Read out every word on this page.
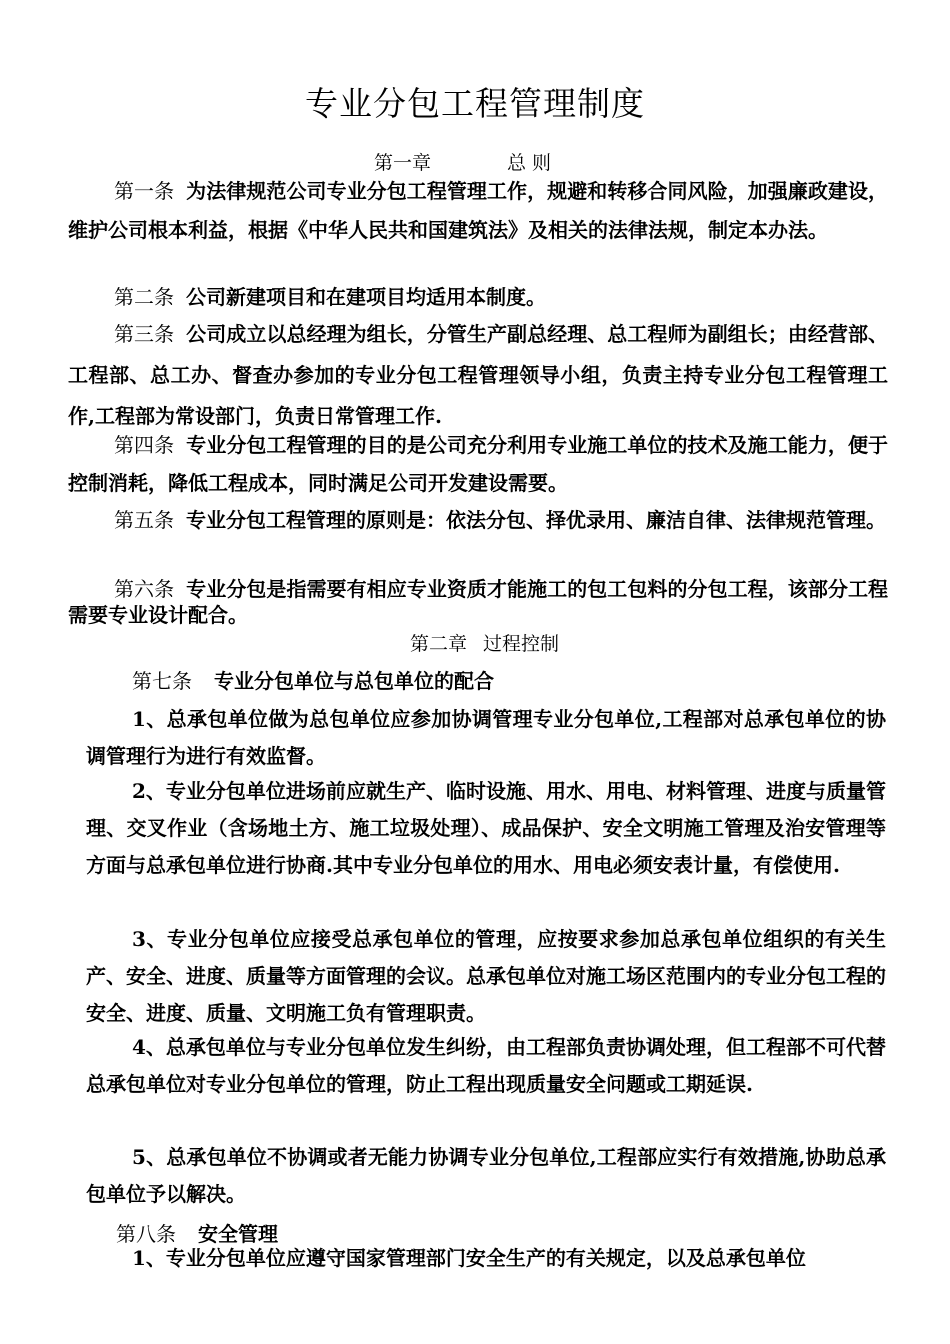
专业分包工程管理制度
第一章	总 则
第一条 为法律规范公司专业分包工程管理工作，规避和转移合同风险，加强廉政建设，维护公司根本利益，根据《中华人民共和国建筑法》及相关的法律法规，制定本办法。
第二条 公司新建项目和在建项目均适用本制度。
第三条 公司成立以总经理为组长，分管生产副总经理、总工程师为副组长；由经营部、工程部、总工办、督查办参加的专业分包工程管理领导小组，负责主持专业分包工程管理工作,工程部为常设部门，负责日常管理工作.
第四条 专业分包工程管理的目的是公司充分利用专业施工单位的技术及施工能力，便于控制消耗，降低工程成本，同时满足公司开发建设需要。
第五条 专业分包工程管理的原则是：依法分包、择优录用、廉洁自律、法律规范管理。
第六条 专业分包是指需要有相应专业资质才能施工的包工包料的分包工程，该部分工程需要专业设计配合。
第二章 过程控制
第七条 专业分包单位与总包单位的配合
1、总承包单位做为总包单位应参加协调管理专业分包单位,工程部对总承包单位的协调管理行为进行有效监督。
2、专业分包单位进场前应就生产、临时设施、用水、用电、材料管理、进度与质量管理、交叉作业（含场地土方、施工垃圾处理）、成品保护、安全文明施工管理及治安管理等方面与总承包单位进行协商.其中专业分包单位的用水、用电必须安表计量，有偿使用.
3、专业分包单位应接受总承包单位的管理，应按要求参加总承包单位组织的有关生产、安全、进度、质量等方面管理的会议。总承包单位对施工场区范围内的专业分包工程的安全、进度、质量、文明施工负有管理职责。
4、总承包单位与专业分包单位发生纠纷，由工程部负责协调处理，但工程部不可代替总承包单位对专业分包单位的管理，防止工程出现质量安全问题或工期延误.
5、总承包单位不协调或者无能力协调专业分包单位,工程部应实行有效措施,协助总承包单位予以解决。
第八条 安全管理
1、专业分包单位应遵守国家管理部门安全生产的有关规定，以及总承包单位
